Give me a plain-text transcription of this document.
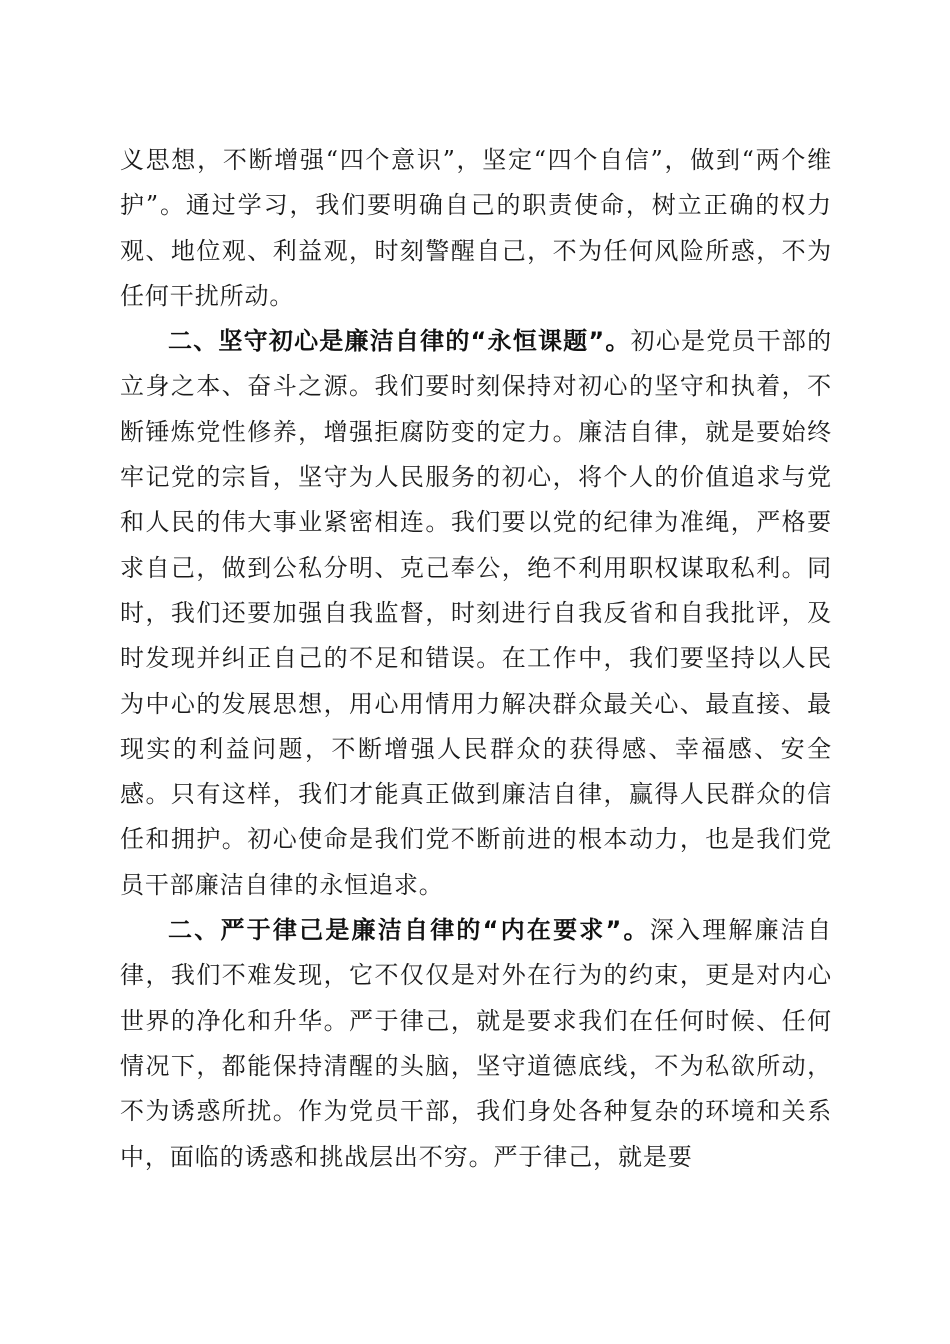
义思想，不断增强“四个意识”，坚定“四个自信”，做到“两个维护”。通过学习，我们要明确自己的职责使命，树立正确的权力观、地位观、利益观，时刻警醒自己，不为任何风险所惑，不为任何干扰所动。

二、坚守初心是廉洁自律的“永恒课题”。初心是党员干部的立身之本、奋斗之源。我们要时刻保持对初心的坚守和执着，不断锤炼党性修养，增强拒腐防变的定力。廉洁自律，就是要始终牢记党的宗旨，坚守为人民服务的初心，将个人的价值追求与党和人民的伟大事业紧密相连。我们要以党的纪律为准绳，严格要求自己，做到公私分明、克己奉公，绝不利用职权谋取私利。同时，我们还要加强自我监督，时刻进行自我反省和自我批评，及时发现并纠正自己的不足和错误。在工作中，我们要坚持以人民为中心的发展思想，用心用情用力解决群众最关心、最直接、最现实的利益问题，不断增强人民群众的获得感、幸福感、安全感。只有这样，我们才能真正做到廉洁自律，赢得人民群众的信任和拥护。初心使命是我们党不断前进的根本动力，也是我们党员干部廉洁自律的永恒追求。

二、严于律己是廉洁自律的“内在要求”。深入理解廉洁自律，我们不难发现，它不仅仅是对外在行为的约束，更是对内心世界的净化和升华。严于律己，就是要求我们在任何时候、任何情况下，都能保持清醒的头脑，坚守道德底线，不为私欲所动，不为诱惑所扰。作为党员干部，我们身处各种复杂的环境和关系中，面临的诱惑和挑战层出不穷。严于律己，就是要
